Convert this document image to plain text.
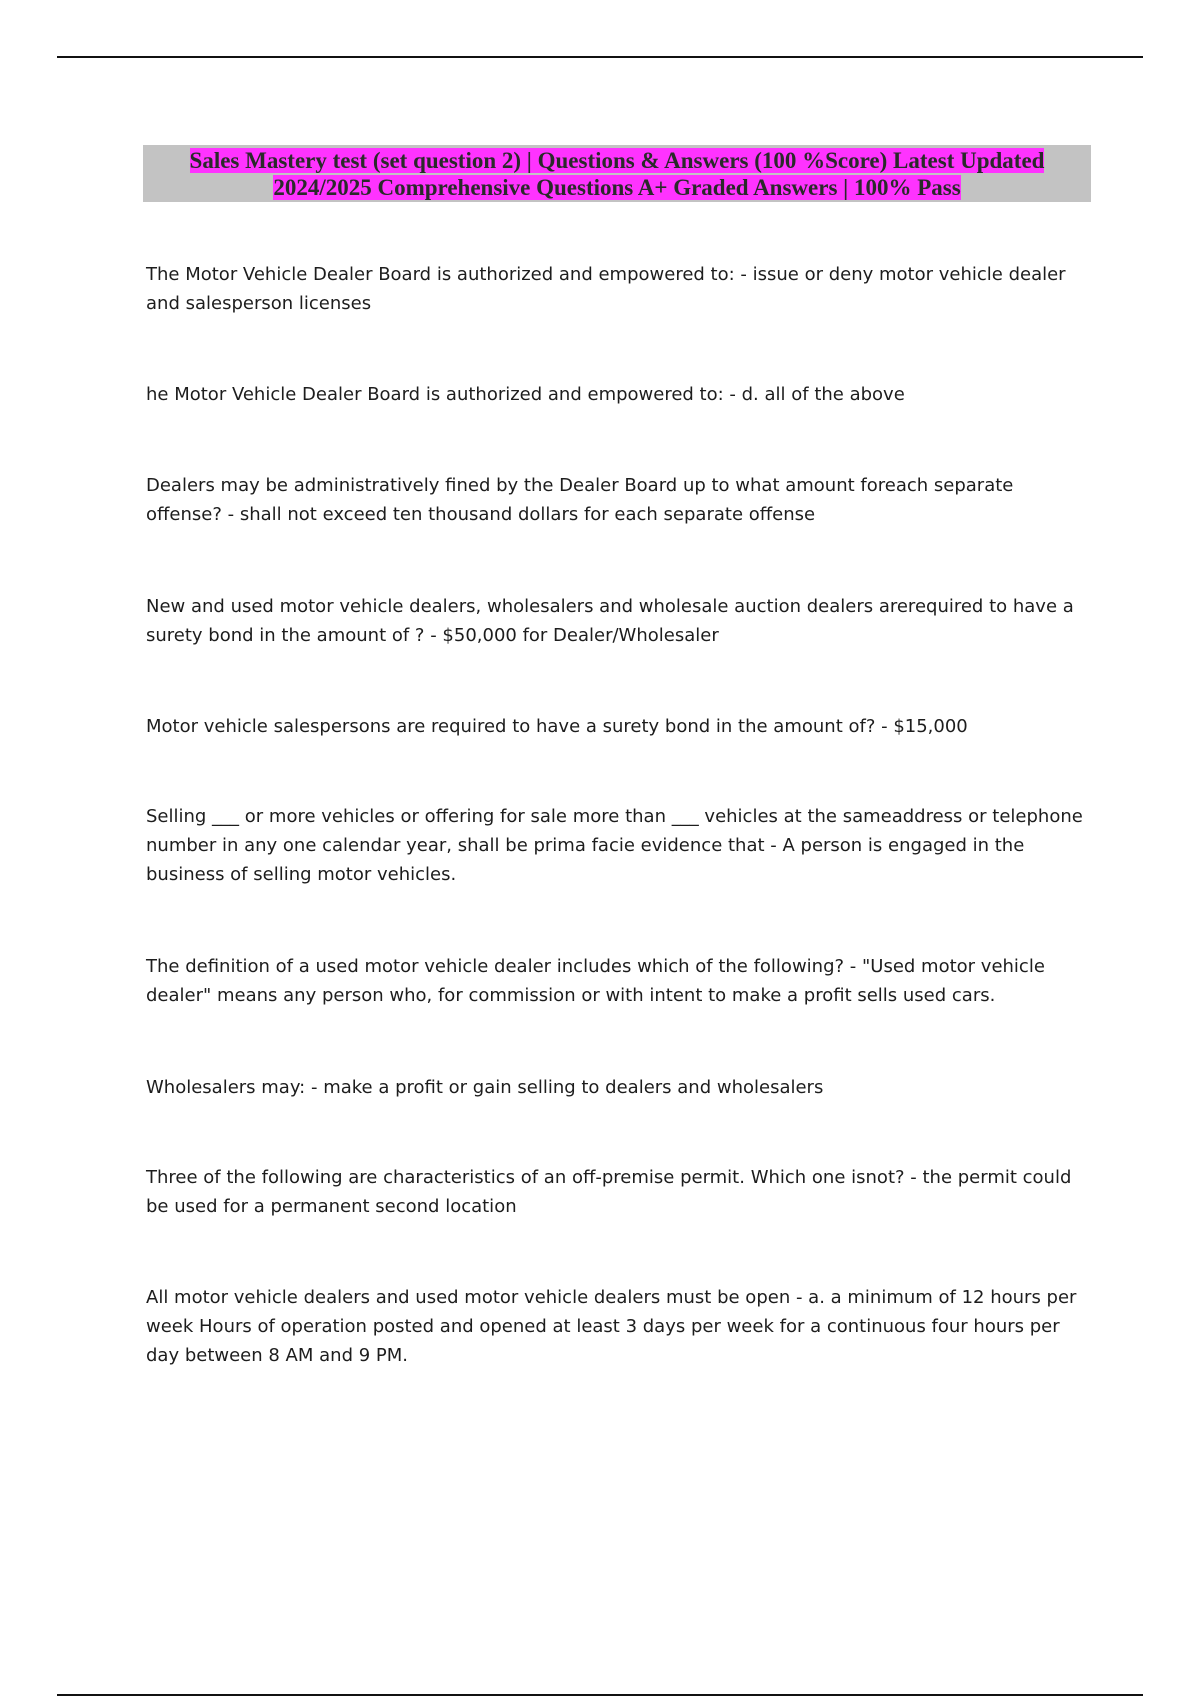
Sales Mastery test (set question 2) | Questions & Answers (100 %Score) Latest Updated
2024/2025 Comprehensive Questions A+ Graded Answers | 100% Pass

The Motor Vehicle Dealer Board is authorized and empowered to: - issue or deny motor vehicle dealer and salesperson licenses

he Motor Vehicle Dealer Board is authorized and empowered to: - d. all of the above

Dealers may be administratively fined by the Dealer Board up to what amount foreach separate offense? - shall not exceed ten thousand dollars for each separate offense

New and used motor vehicle dealers, wholesalers and wholesale auction dealers arerequired to have a surety bond in the amount of ? - $50,000 for Dealer/Wholesaler

Motor vehicle salespersons are required to have a surety bond in the amount of? - $15,000

Selling ___ or more vehicles or offering for sale more than ___ vehicles at the sameaddress or telephone number in any one calendar year, shall be prima facie evidence that - A person is engaged in the business of selling motor vehicles.

The definition of a used motor vehicle dealer includes which of the following? - "Used motor vehicle dealer" means any person who, for commission or with intent to make a profit sells used cars.

Wholesalers may: - make a profit or gain selling to dealers and wholesalers

Three of the following are characteristics of an off-premise permit. Which one isnot? - the permit could be used for a permanent second location

All motor vehicle dealers and used motor vehicle dealers must be open - a. a minimum of 12 hours per week Hours of operation posted and opened at least 3 days per week for a continuous four hours per day between 8 AM and 9 PM.
